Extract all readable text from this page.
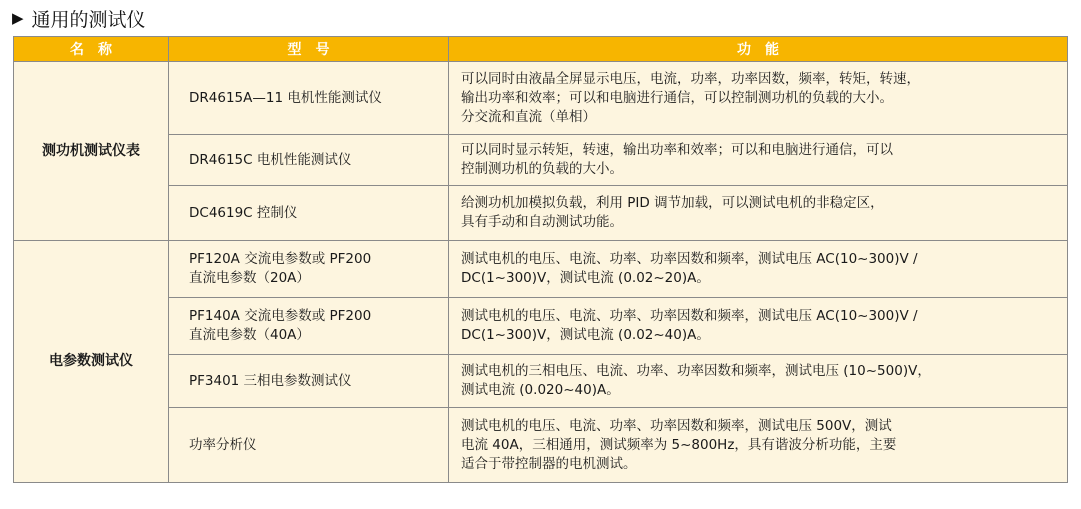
▶ 通用的测试仪
名　称	型　号	功　能
测功机测试仪表	DR4615A—11 电机性能测试仪	可以同时由液晶全屏显示电压，电流，功率，功率因数，频率，转矩，转速，
输出功率和效率；可以和电脑进行通信，可以控制测功机的负载的大小。
分交流和直流（单相）

	DR4615C 电机性能测试仪	可以同时显示转矩，转速，输出功率和效率；可以和电脑进行通信，可以
控制测功机的负载的大小。

	DC4619C 控制仪	给测功机加模拟负载，利用 PID 调节加载，可以测试电机的非稳定区，
具有手动和自动测试功能。

电参数测试仪	PF120A 交流电参数或 PF200
直流电参数（20A）	测试电机的电压、电流、功率、功率因数和频率，测试电压 AC(10~300)V /
DC(1~300)V，测试电流 (0.02~20)A。

	PF140A 交流电参数或 PF200
直流电参数（40A）	测试电机的电压、电流、功率、功率因数和频率，测试电压 AC(10~300)V /
DC(1~300)V，测试电流 (0.02~40)A。

	PF3401 三相电参数测试仪	测试电机的三相电压、电流、功率、功率因数和频率，测试电压 (10~500)V，
测试电流 (0.020~40)A。

	功率分析仪	测试电机的电压、电流、功率、功率因数和频率，测试电压 500V，测试
电流 40A，三相通用，测试频率为 5~800Hz，具有谐波分析功能，主要
适合于带控制器的电机测试。
